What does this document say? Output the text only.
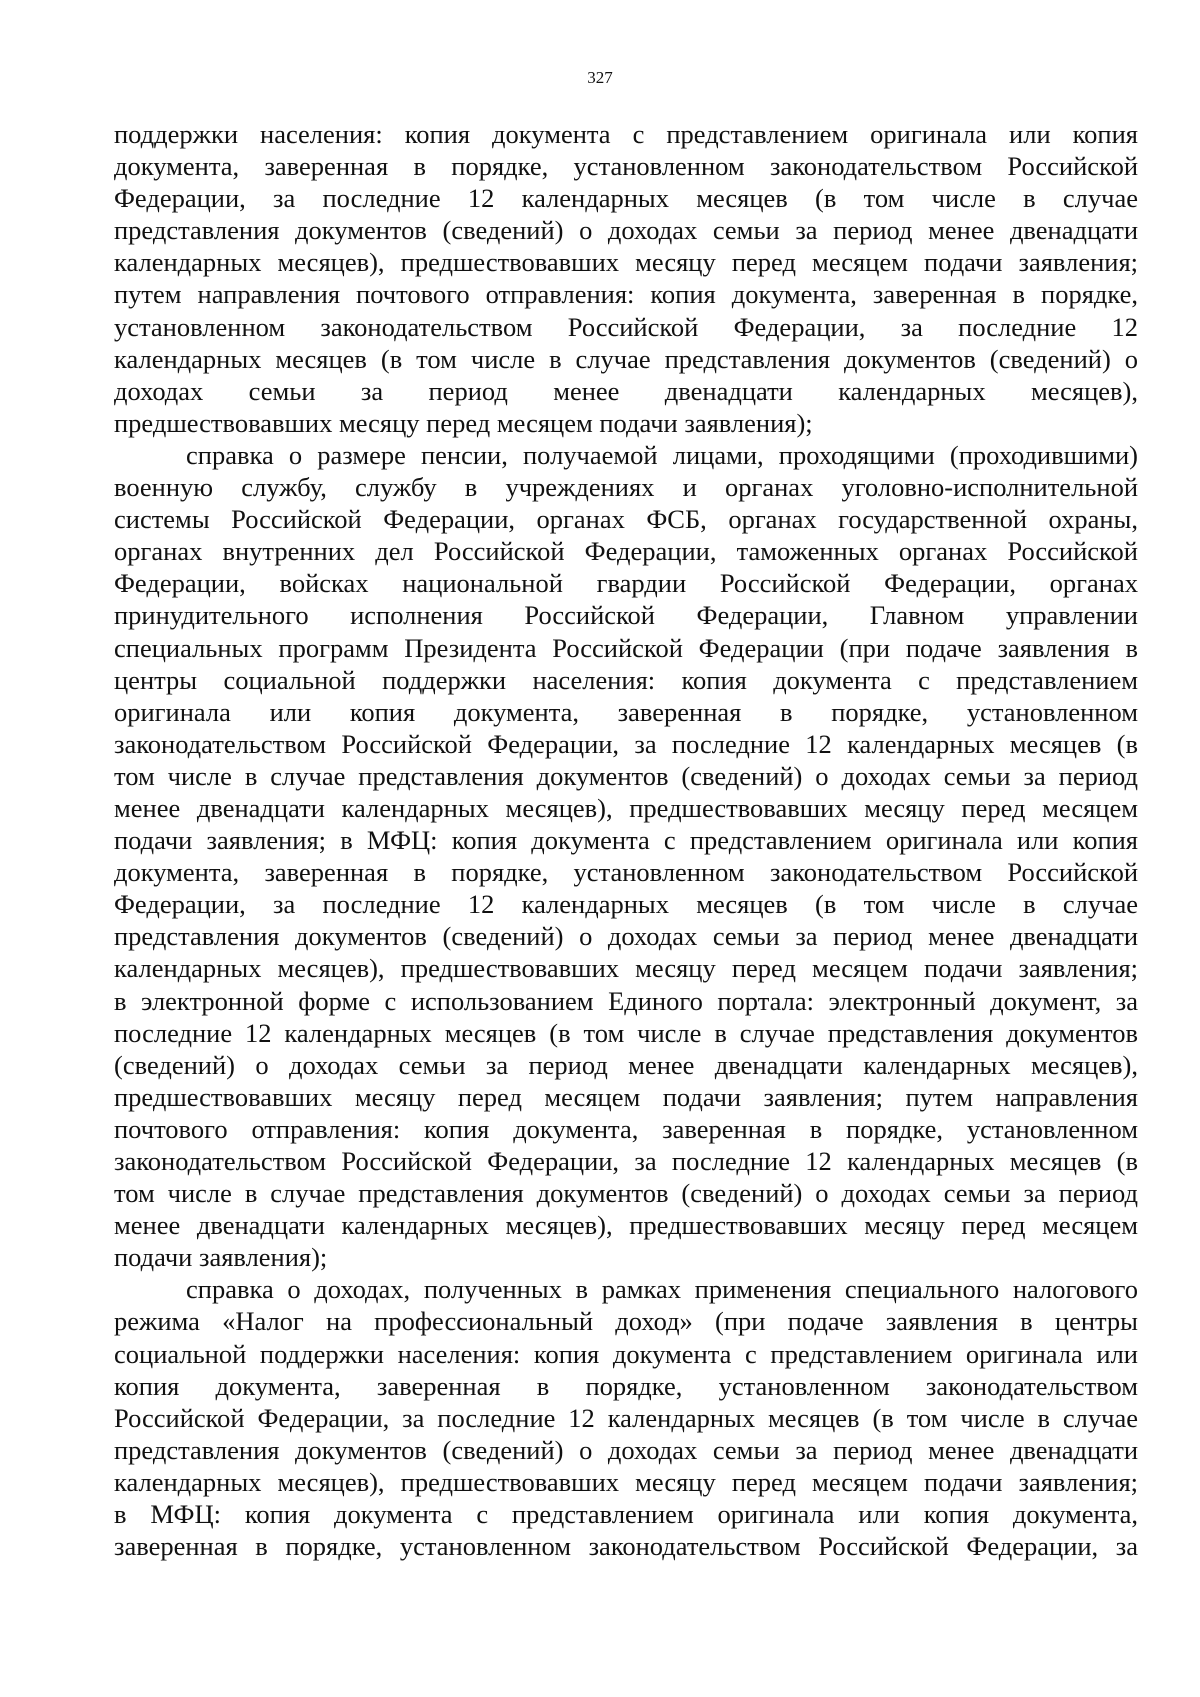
327
поддержки населения: копия документа с представлением оригинала или копия
документа, заверенная в порядке, установленном законодательством Российской
Федерации, за последние 12 календарных месяцев (в том числе в случае
представления документов (сведений) о доходах семьи за период менее двенадцати
календарных месяцев), предшествовавших месяцу перед месяцем подачи заявления;
путем направления почтового отправления: копия документа, заверенная в порядке,
установленном законодательством Российской Федерации, за последние 12
календарных месяцев (в том числе в случае представления документов (сведений) о
доходах семьи за период менее двенадцати календарных месяцев),
предшествовавших месяцу перед месяцем подачи заявления);
справка о размере пенсии, получаемой лицами, проходящими (проходившими)
военную службу, службу в учреждениях и органах уголовно-исполнительной
системы Российской Федерации, органах ФСБ, органах государственной охраны,
органах внутренних дел Российской Федерации, таможенных органах Российской
Федерации, войсках национальной гвардии Российской Федерации, органах
принудительного исполнения Российской Федерации, Главном управлении
специальных программ Президента Российской Федерации (при подаче заявления в
центры социальной поддержки населения: копия документа с представлением
оригинала или копия документа, заверенная в порядке, установленном
законодательством Российской Федерации, за последние 12 календарных месяцев (в
том числе в случае представления документов (сведений) о доходах семьи за период
менее двенадцати календарных месяцев), предшествовавших месяцу перед месяцем
подачи заявления; в МФЦ: копия документа с представлением оригинала или копия
документа, заверенная в порядке, установленном законодательством Российской
Федерации, за последние 12 календарных месяцев (в том числе в случае
представления документов (сведений) о доходах семьи за период менее двенадцати
календарных месяцев), предшествовавших месяцу перед месяцем подачи заявления;
в электронной форме с использованием Единого портала: электронный документ, за
последние 12 календарных месяцев (в том числе в случае представления документов
(сведений) о доходах семьи за период менее двенадцати календарных месяцев),
предшествовавших месяцу перед месяцем подачи заявления; путем направления
почтового отправления: копия документа, заверенная в порядке, установленном
законодательством Российской Федерации, за последние 12 календарных месяцев (в
том числе в случае представления документов (сведений) о доходах семьи за период
менее двенадцати календарных месяцев), предшествовавших месяцу перед месяцем
подачи заявления);
справка о доходах, полученных в рамках применения специального налогового
режима «Налог на профессиональный доход» (при подаче заявления в центры
социальной поддержки населения: копия документа с представлением оригинала или
копия документа, заверенная в порядке, установленном законодательством
Российской Федерации, за последние 12 календарных месяцев (в том числе в случае
представления документов (сведений) о доходах семьи за период менее двенадцати
календарных месяцев), предшествовавших месяцу перед месяцем подачи заявления;
в МФЦ: копия документа с представлением оригинала или копия документа,
заверенная в порядке, установленном законодательством Российской Федерации, за
